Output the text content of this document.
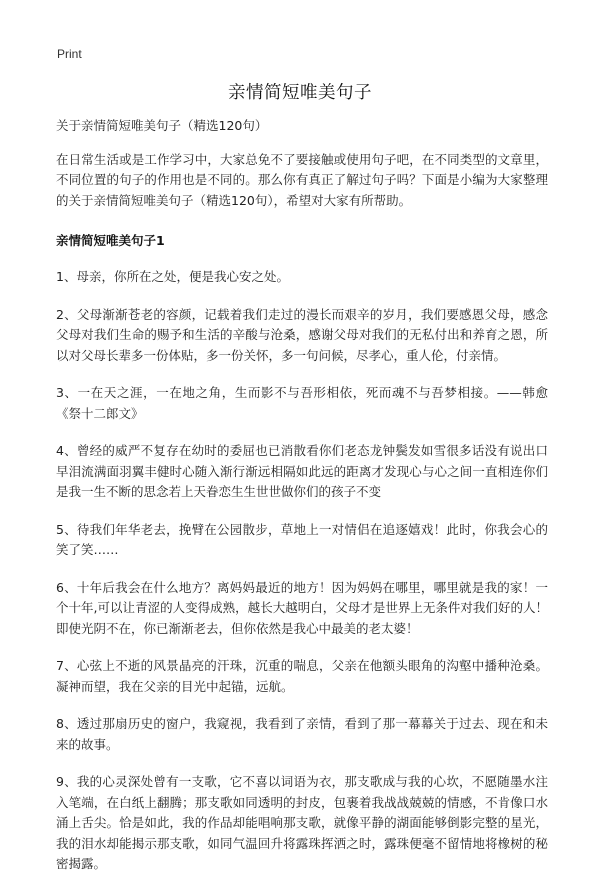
Print
亲情简短唯美句子

关于亲情简短唯美句子（精选120句）

在日常生活或是工作学习中，大家总免不了要接触或使用句子吧，在不同类型的文章里，不同位置的句子的作用也是不同的。那么你有真正了解过句子吗？下面是小编为大家整理的关于亲情简短唯美句子（精选120句），希望对大家有所帮助。

亲情简短唯美句子1

1、母亲，你所在之处，便是我心安之处。

2、父母渐渐苍老的容颜，记载着我们走过的漫长而艰辛的岁月，我们要感恩父母，感念父母对我们生命的赐予和生活的辛酸与沧桑，感谢父母对我们的无私付出和养育之恩，所以对父母长辈多一份体贴，多一份关怀，多一句问候，尽孝心，重人伦，付亲情。

3、一在天之涯，一在地之角，生而影不与吾形相依，死而魂不与吾梦相接。——韩愈《祭十二郎文》

4、曾经的威严不复存在幼时的委屈也已消散看你们老态龙钟鬓发如雪很多话没有说出口早泪流满面羽翼丰健时心随入渐行渐远相隔如此远的距离才发现心与心之间一直相连你们是我一生不断的思念若上天眷恋生生世世做你们的孩子不变

5、待我们年华老去，挽臂在公园散步，草地上一对情侣在追逐嬉戏！此时，你我会心的笑了笑……

6、十年后我会在什么地方？离妈妈最近的地方！因为妈妈在哪里，哪里就是我的家！一个十年,可以让青涩的人变得成熟，越长大越明白，父母才是世界上无条件对我们好的人！即使光阴不在，你已渐渐老去，但你依然是我心中最美的老太婆！

7、心弦上不逝的风景晶亮的汗珠，沉重的喘息，父亲在他额头眼角的沟壑中播种沧桑。凝神而望，我在父亲的目光中起锚，远航。

8、透过那扇历史的窗户，我窥视，我看到了亲情，看到了那一幕幕关于过去、现在和未来的故事。

9、我的心灵深处曾有一支歌，它不喜以词语为衣，那支歌成与我的心坎，不愿随墨水注入笔端，在白纸上翻腾；那支歌如同透明的封皮，包裹着我战战兢兢的情感，不肯像口水涌上舌尖。恰是如此，我的作品却能唱响那支歌，就像平静的湖面能够倒影完整的星光，我的泪水却能揭示那支歌，如同气温回升将露珠挥洒之时，露珠便毫不留情地将橡树的秘密揭露。
